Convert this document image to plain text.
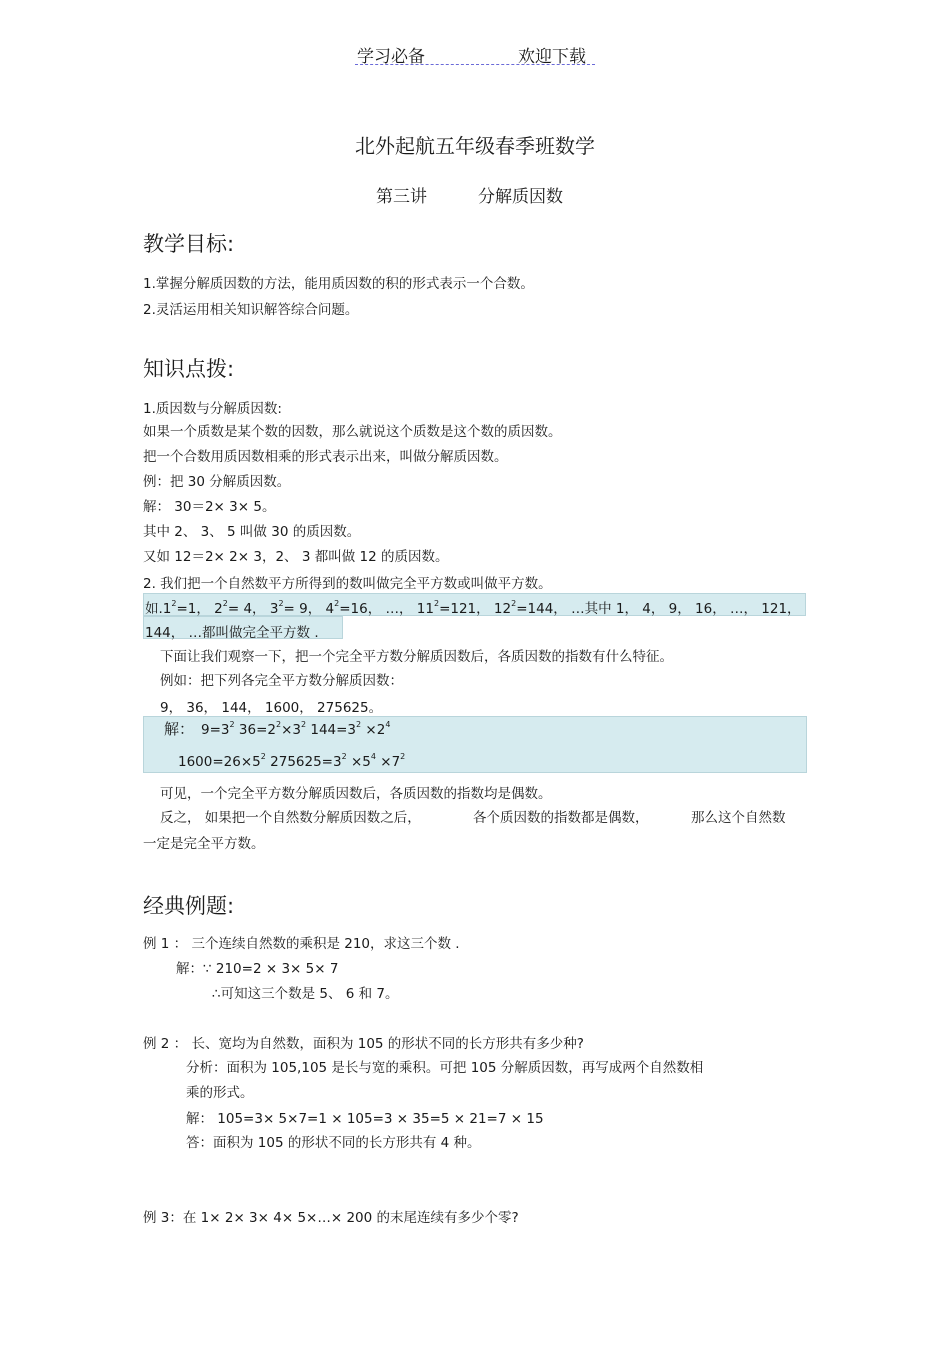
学习必备	欢迎下载
北外起航五年级春季班数学
第三讲	分解质因数
教学目标:
1.掌握分解质因数的方法，能用质因数的积的形式表示一个合数。
2.灵活运用相关知识解答综合问题。
知识点拨:
1.质因数与分解质因数:
如果一个质数是某个数的因数，那么就说这个质数是这个数的质因数。
把一个合数用质因数相乘的形式表示出来，叫做分解质因数。
例：把 30 分解质因数。
解： 30＝2× 3× 5。
其中 2、 3、 5 叫做 30 的质因数。
又如 12＝2× 2× 3，2、 3 都叫做 12 的质因数。
2. 我们把一个自然数平方所得到的数叫做完全平方数或叫做平方数。
如$.1^2=1$， $2^2= 4$， $3^2= 9$， $4^2=16$， …， $11^2=121$， $12^2=144$， …其中 1， 4， 9， 16， …， 121，
144， …都叫做完全平方数 .
下面让我们观察一下，把一个完全平方数分解质因数后，各质因数的指数有什么特征。
例如：把下列各完全平方数分解质因数：
9， 36， 144， 1600， 275625。
解： $9=3^2$ $36=2^2\times 3^2$ $144=3^2 \times 2^4$
$1600=26\times 5^2$ $275625=3^2 \times 5^4 \times 7^2$
可见，一个完全平方数分解质因数后，各质因数的指数均是偶数。
反之， 如果把一个自然数分解质因数之后，	各个质因数的指数都是偶数，	那么这个自然数
一定是完全平方数。
经典例题:
例 1 ： 三个连续自然数的乘积是 210，求这三个数 .
解：∵ 210=2 × 3× 5× 7
∴可知这三个数是 5、 6 和 7。
例 2 ： 长、宽均为自然数，面积为 105 的形状不同的长方形共有多少种?
分析：面积为 105,105 是长与宽的乘积。可把 105 分解质因数，再写成两个自然数相
乘的形式。
解： 105=3× 5×7=1 × 105=3 × 35=5 × 21=7 × 15
答：面积为 105 的形状不同的长方形共有 4 种。
例 3：在 1× 2× 3× 4× 5×…× 200 的末尾连续有多少个零?
